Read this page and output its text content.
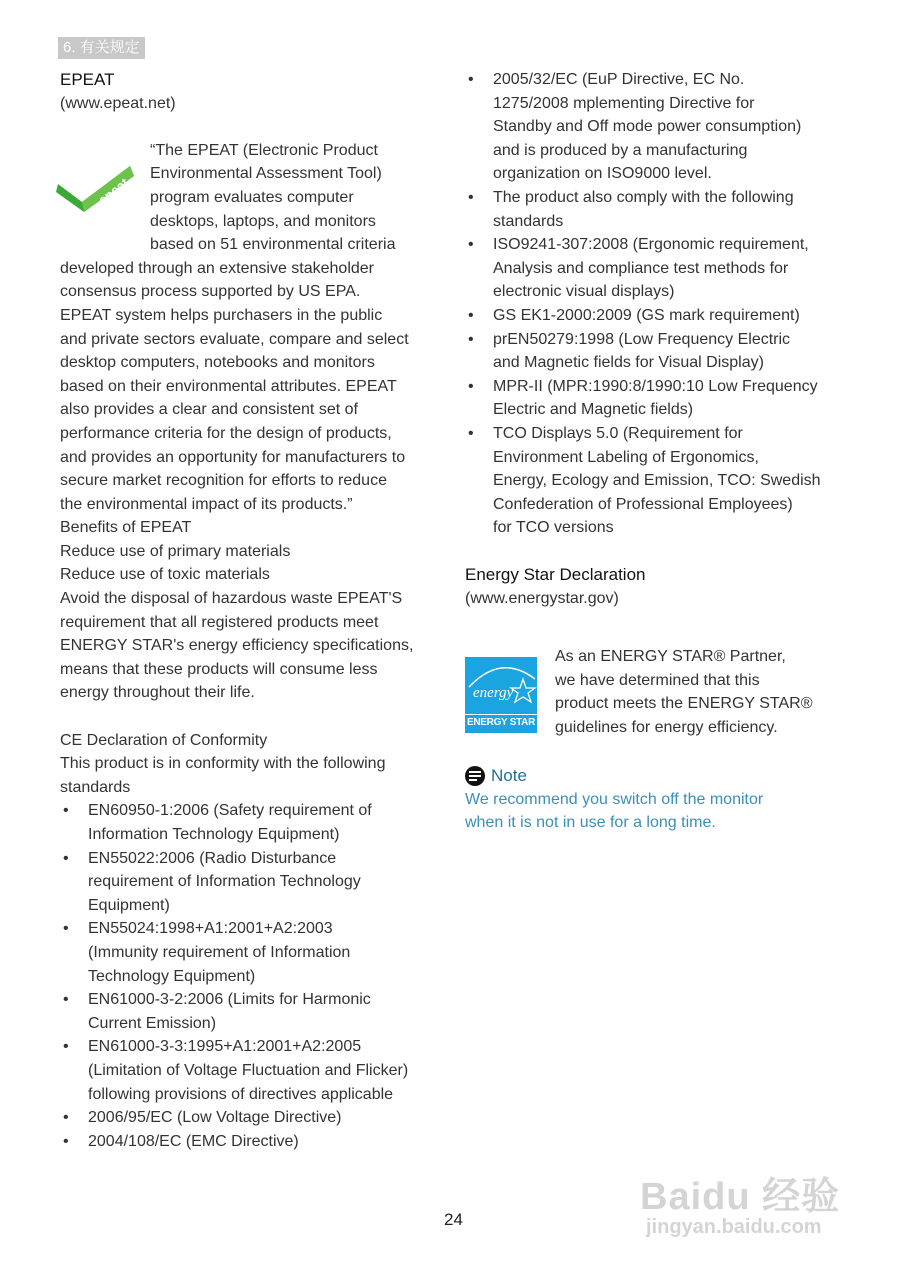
6. 有关规定
epeat
EPEAT
(www.epeat.net)
“The EPEAT (Electronic Product
Environmental Assessment Tool)
program evaluates computer
desktops, laptops, and monitors
based on 51 environmental criteria
developed through an extensive stakeholder
consensus process supported by US EPA.
EPEAT system helps purchasers in the public
and private sectors evaluate, compare and select
desktop computers, notebooks and monitors
based on their environmental attributes. EPEAT
also provides a clear and consistent set of
performance criteria for the design of products,
and provides an opportunity for manufacturers to
secure market recognition for efforts to reduce
the environmental impact of its products.”
Benefits of EPEAT
Reduce use of primary materials
Reduce use of toxic materials
Avoid the disposal of hazardous waste EPEAT'S
requirement that all registered products meet
ENERGY STAR's energy efficiency specifications,
means that these products will consume less
energy throughout their life.
CE Declaration of Conformity
This product is in conformity with the following
standards
• EN60950-1:2006 (Safety requirement of
Information Technology Equipment)
• EN55022:2006 (Radio Disturbance
requirement of Information Technology
Equipment)
• EN55024:1998+A1:2001+A2:2003
(Immunity requirement of Information
Technology Equipment)
• EN61000-3-2:2006 (Limits for Harmonic
Current Emission)
• EN61000-3-3:1995+A1:2001+A2:2005
(Limitation of Voltage Fluctuation and Flicker)
following provisions of directives applicable
• 2006/95/EC (Low Voltage Directive)
• 2004/108/EC (EMC Directive)
• 2005/32/EC (EuP Directive, EC No.
1275/2008 mplementing Directive for
Standby and Off mode power consumption)
and is produced by a manufacturing
organization on ISO9000 level.
• The product also comply with the following
standards
• ISO9241-307:2008 (Ergonomic requirement,
Analysis and compliance test methods for
electronic visual displays)
• GS EK1-2000:2009 (GS mark requirement)
• prEN50279:1998 (Low Frequency Electric
and Magnetic fields for Visual Display)
• MPR-II (MPR:1990:8/1990:10 Low Frequency
Electric and Magnetic fields)
• TCO Displays 5.0 (Requirement for
Environment Labeling of Ergonomics,
Energy, Ecology and Emission, TCO: Swedish
Confederation of Professional Employees)
for TCO versions
Energy Star Declaration
(www.energystar.gov)
energy
ENERGY STAR
As an ENERGY STAR® Partner,
we have determined that this
product meets the ENERGY STAR®
guidelines for energy efficiency.
Note
We recommend you switch off the monitor
when it is not in use for a long time.
24
Baidu 经验
jingyan.baidu.com
